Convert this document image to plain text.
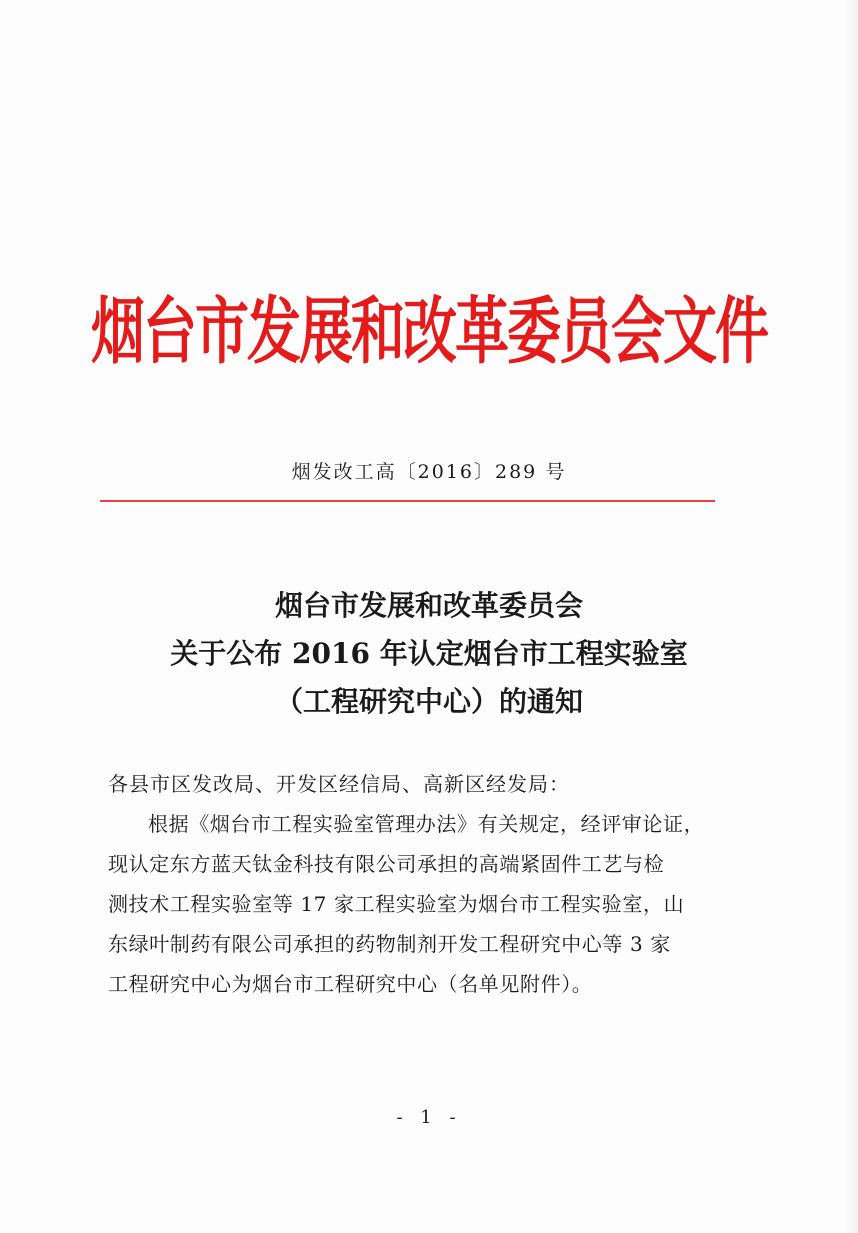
烟台市发展和改革委员会文件
烟发改工高〔2016〕289 号
烟台市发展和改革委员会
关于公布 2016 年认定烟台市工程实验室
（工程研究中心）的通知
各县市区发改局、开发区经信局、高新区经发局：
根据《烟台市工程实验室管理办法》有关规定，经评审论证，
现认定东方蓝天钛金科技有限公司承担的高端紧固件工艺与检
测技术工程实验室等 17 家工程实验室为烟台市工程实验室，山
东绿叶制药有限公司承担的药物制剂开发工程研究中心等 3 家
工程研究中心为烟台市工程研究中心（名单见附件）。
- 1 -
